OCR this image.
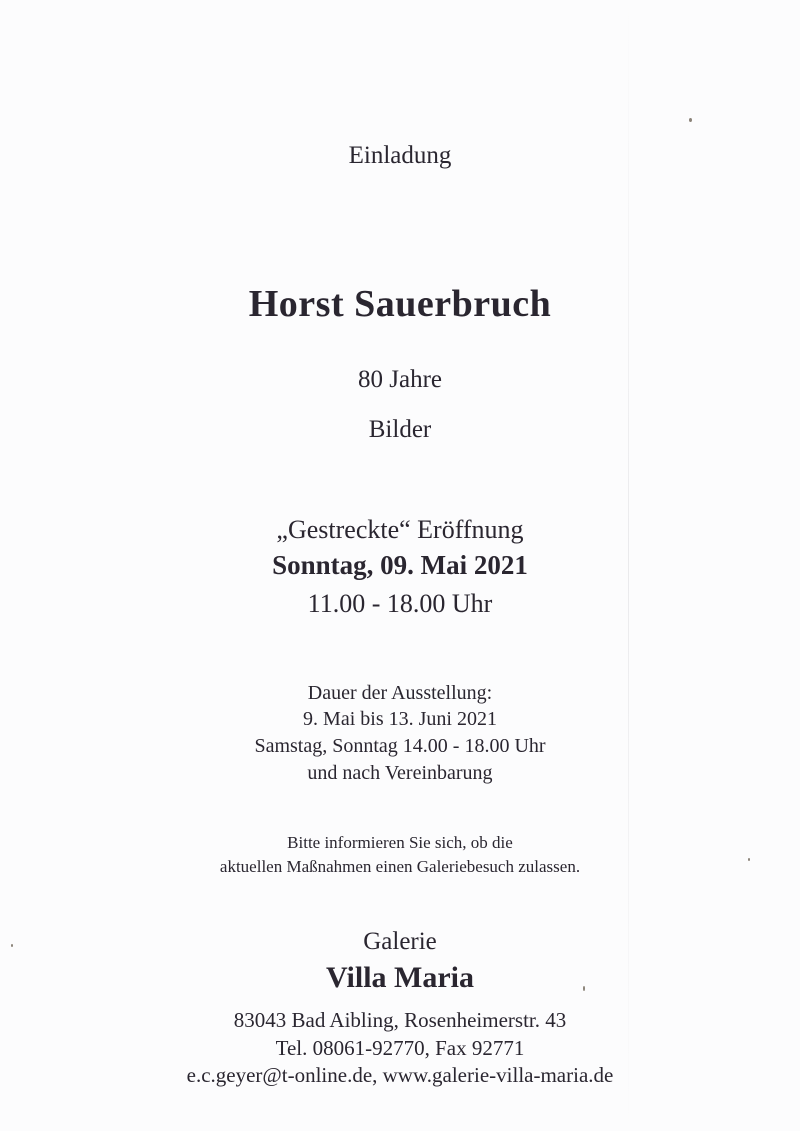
Einladung
Horst Sauerbruch
80 Jahre
Bilder
„Gestreckte“ Eröffnung
Sonntag, 09. Mai 2021
11.00 - 18.00 Uhr
Dauer der Ausstellung:
9. Mai bis 13. Juni 2021
Samstag, Sonntag 14.00 - 18.00 Uhr
und nach Vereinbarung
Bitte informieren Sie sich, ob die
aktuellen Maßnahmen einen Galeriebesuch zulassen.
Galerie
Villa Maria
83043 Bad Aibling, Rosenheimerstr. 43
Tel. 08061-92770, Fax 92771
e.c.geyer@t-online.de, www.galerie-villa-maria.de
